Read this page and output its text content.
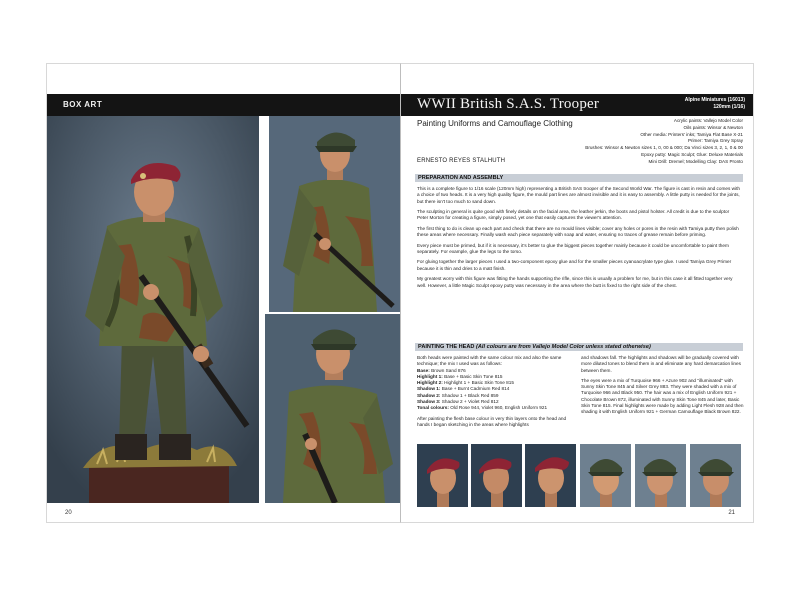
BOX ART
20
WWII British S.A.S. Trooper	Alpine Miniatures (16013)
120mm (1/16)
Painting Uniforms and Camouflage Clothing	Acrylic paints: Vallejo Model Color
Oils paints: Winsor & Newton
Other media: Printers' inks; Tamiya Flat Base X-21
Primer: Tamiya Grey Spray
Brushes: Winsor & Newton sizes 1, 0, 00 & 000; Da Vinci sizes 3, 2, 1, 0 & 00
Epoxy putty: Magic Sculpt; Glue: Deluxe Materials
Mini Drill: Dremel; Modelling Clay: DAS Pronto
ERNESTO REYES STALHUTH
PREPARATION AND ASSEMBLY

This is a complete figure to 1/16 scale (120mm high) representing a British SAS trooper of the Second World War. The figure is cast in resin and comes with a choice of two heads. It is a very high quality figure, the mould part lines are almost invisible and it is easy to assembly. A little putty is needed for the joints, but there isn't too much to sand down.

The sculpting in general is quite good with finely details on the facial area, the leather jerkin, the boots and pistol holster. All credit is due to the sculptor Peter Morton for creating a figure, simply posed, yet one that easily captures the viewer's attention.

The first thing to do is clean up each part and check that there are no mould lines visible; cover any holes or pores in the resin with Tamiya putty then polish these areas where necessary. Finally wash each piece separately with soap and water, ensuring no traces of grease remain before priming.

Every piece must be primed, but if it is necessary, it's better to glue the biggest pieces together mainly because it could be uncomfortable to paint them separately. For example, glue the legs to the torso.

For gluing together the larger pieces I used a two-component epoxy glue and for the smaller pieces cyanoacrylate type glue. I used Tamiya Grey Primer because it is thin and dries to a matt finish.

My greatest worry with this figure was fitting the hands supporting the rifle, since this is usually a problem for me, but in this case it all fitted together very well. However, a little Magic Sculpt epoxy putty was necessary in the area where the butt is fixed to the right side of the chest.

PAINTING THE HEAD (All colours are from Vallejo Model Color unless stated otherwise)
Both heads were painted with the same colour mix and also the same technique; the mix I used was as follows:
Base: Brown Sand 876
Highlight 1: Base + Basic Skin Tone 815
Highlight 2: Highlight 1 + Basic Skin Tone 815
Shadow 1: Base + Burnt Cadmium Red 814
Shadow 2: Shadow 1 + Black Red 859
Shadow 3: Shadow 2 + Violet Red 812
Tonal colours: Old Rose 944, Violet 960, English Uniform 921

After painting the flesh base colour in very thin layers onto the head and hands I began sketching in the areas where highlights

and shadows fall. The highlights and shadows will be gradually covered with more diluted tones to blend them in and eliminate any hard demarcation lines between them.

The eyes were a mix of Turquoise 966 + Azure 902 and "illuminated" with Sunny Skin Tone 845 and Silver Grey 883. They were shaded with a mix of Turquoise 966 and Black 950. The hair was a mix of English Uniform 921 + Chocolate Brown 872, illuminated with Sunny Skin Tone 845 and later, Basic Skin Tone 815. Final highlights were made by adding Light Flesh 928 and then shading it with English Uniform 921 + German Camouflage Black Brown 822.

21
